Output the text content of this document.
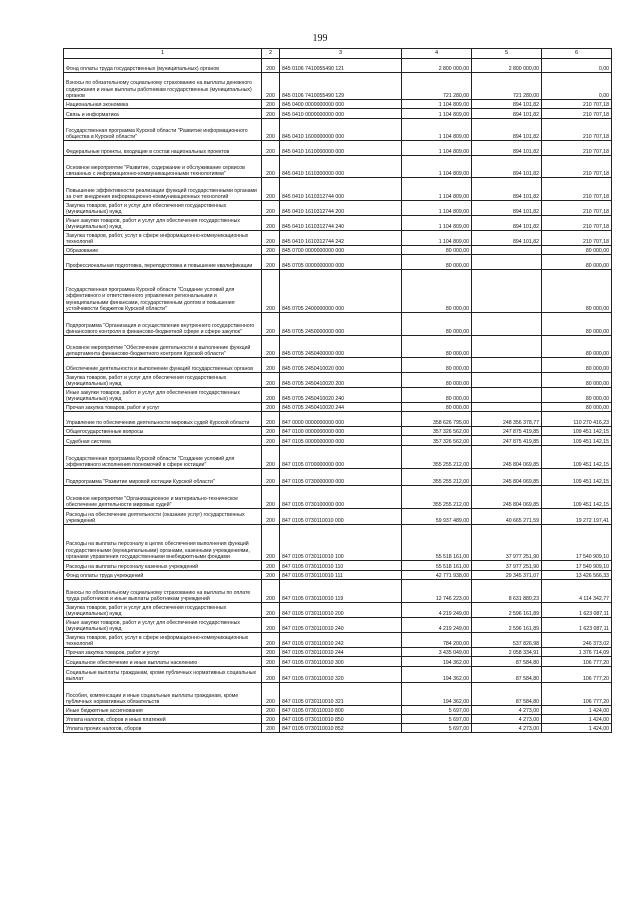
199
1	2	3	4	5	6
Фонд оплаты труда государственных (муниципальных) органов	200	845 0106 7410055490 121	2 800 000,00	2 800 000,00	0,00
Взносы по обязательному социальному страхованию на выплаты денежного содержания и иные выплаты работникам государственных (муниципальных) органов	200	845 0106 7410055490 129	721 280,00	721 280,00	0,00
Национальная экономика	200	845 0400 0000000000 000	1 104 809,00	894 101,82	210 707,18
Связь и информатика	200	845 0410 0000000000 000	1 104 809,00	894 101,82	210 707,18
Государственная программа Курской области "Развитие информационного общества в Курской области"	200	845 0410 1600000000 000	1 104 809,00	894 101,82	210 707,18
Федеральные проекты, входящие в состав национальных проектов	200	845 0410 1610000000 000	1 104 809,00	894 101,82	210 707,18
Основное мероприятие "Развитие, содержание и обслуживание сервисов связанных с информационно-коммуникационными технологиями"	200	845 0410 1610300000 000	1 104 809,00	894 101,82	210 707,18
Повышение эффективности реализации функций государственными органами за счет внедрения информационно-коммуникационных технологий	200	845 0410 1610312744 000	1 104 809,00	894 101,82	210 707,18
Закупка товаров, работ и услуг для обеспечения государственных (муниципальных) нужд	200	845 0410 1610312744 200	1 104 809,00	894 101,82	210 707,18
Иные закупки товаров, работ и услуг для обеспечения государственных (муниципальных) нужд	200	845 0410 1610312744 240	1 104 809,00	894 101,82	210 707,18
Закупка товаров, работ, услуг в сфере информационно-коммуникационных технологий	200	845 0410 1610312744 242	1 104 809,00	894 101,82	210 707,18
Образование	200	845 0700 0000000000 000	80 000,00		80 000,00
Профессиональная подготовка, переподготовка и повышение квалификации	200	845 0705 0000000000 000	80 000,00		80 000,00
Государственная программа Курской области "Создание условий для эффективного и ответственного управления региональными и муниципальными финансами, государственным долгом и повышения устойчивости бюджетов Курской области"	200	845 0705 2400000000 000	80 000,00		80 000,00
Подпрограмма "Организация и осуществление внутреннего государственного финансового контроля в финансово-бюджетной сфере и сфере закупок"	200	845 0705 2450000000 000	80 000,00		80 000,00
Основное мероприятие "Обеспечение деятельности и выполнение функций департамента финансово-бюджетного контроля Курской области"	200	845 0705 2450400000 000	80 000,00		80 000,00
Обеспечение деятельности и выполнение функций государственных органов	200	845 0705 2450410020 000	80 000,00		80 000,00
Закупка товаров, работ и услуг для обеспечения государственных (муниципальных) нужд	200	845 0705 2450410020 200	80 000,00		80 000,00
Иные закупки товаров, работ и услуг для обеспечения государственных (муниципальных) нужд	200	845 0705 2450410020 240	80 000,00		80 000,00
Прочая закупка товаров, работ и услуг	200	845 0705 2450410020 244	80 000,00		80 000,00
Управление по обеспечению деятельности мировых судей Курской области	200	847 0000 0000000000 000	358 626 795,00	248 356 378,77	110 270 416,23
Общегосударственные вопросы	200	847 0100 0000000000 000	357 326 562,00	247 875 419,85	109 451 142,15
Судебная система	200	847 0105 0000000000 000	357 326 562,00	247 875 419,85	109 451 142,15
Государственная программа Курской области "Создание условий для эффективного исполнения полномочий в сфере юстиции"	200	847 0105 0700000000 000	355 255 212,00	245 804 069,85	109 451 142,15
Подпрограмма "Развитие мировой юстиции Курской области"	200	847 0105 0730000000 000	355 255 212,00	245 804 069,85	109 451 142,15
Основное мероприятие "Организационное и материально-техническое обеспечение деятельности мировых судей"	200	847 0105 0730100000 000	355 255 212,00	245 804 069,85	109 451 142,15
Расходы на обеспечение деятельности (оказание услуг) государственных учреждений	200	847 0105 0730110010 000	59 937 489,00	40 665 271,59	19 272 197,41
Расходы на выплаты персоналу в целях обеспечения выполнения функций государственными (муниципальными) органами, казенными учреждениями, органами управления государственными внебюджетными фондами	200	847 0105 0730110010 100	55 518 161,00	37 977 251,90	17 540 909,10
Расходы на выплаты персоналу казенных учреждений	200	847 0105 0730110010 110	55 518 161,00	37 977 251,90	17 540 909,10
Фонд оплаты труда учреждений	200	847 0105 0730110010 111	42 771 938,00	29 345 371,07	13 426 566,33
Взносы по обязательному социальному страхованию на выплаты по оплате труда работников и иные выплаты работникам учреждений	200	847 0105 0730110010 119	12 746 223,00	8 631 880,23	4 114 342,77
Закупка товаров, работ и услуг для обеспечения государственных (муниципальных) нужд	200	847 0105 0730110010 200	4 219 249,00	2 596 161,89	1 623 087,11
Иные закупки товаров, работ и услуг для обеспечения государственных (муниципальных) нужд	200	847 0105 0730110010 240	4 219 249,00	2 596 161,89	1 623 087,11
Закупка товаров, работ, услуг в сфере информационно-коммуникационных технологий	200	847 0105 0730110010 242	784 200,00	537 826,98	246 373,02
Прочая закупка товаров, работ и услуг	200	847 0105 0730110010 244	3 435 049,00	2 058 334,91	1 376 714,09
Социальное обеспечение и иные выплаты населению	200	847 0105 0730110010 300	194 362,00	87 584,80	106 777,20
Социальные выплаты гражданам, кроме публичных нормативных социальных выплат	200	847 0105 0730110010 320	194 362,00	87 584,80	106 777,20
Пособия, компенсации и иные социальные выплаты гражданам, кроме публичных нормативных обязательств	200	847 0105 0730110010 321	194 362,00	87 584,80	106 777,20
Иные бюджетные ассигнования	200	847 0105 0730110010 800	5 697,00	4 273,00	1 424,00
Уплата налогов, сборов и иных платежей	200	847 0105 0730110010 850	5 697,00	4 273,00	1 424,00
Уплата прочих налогов, сборов	200	847 0105 0730110010 852	5 697,00	4 273,00	1 424,00
